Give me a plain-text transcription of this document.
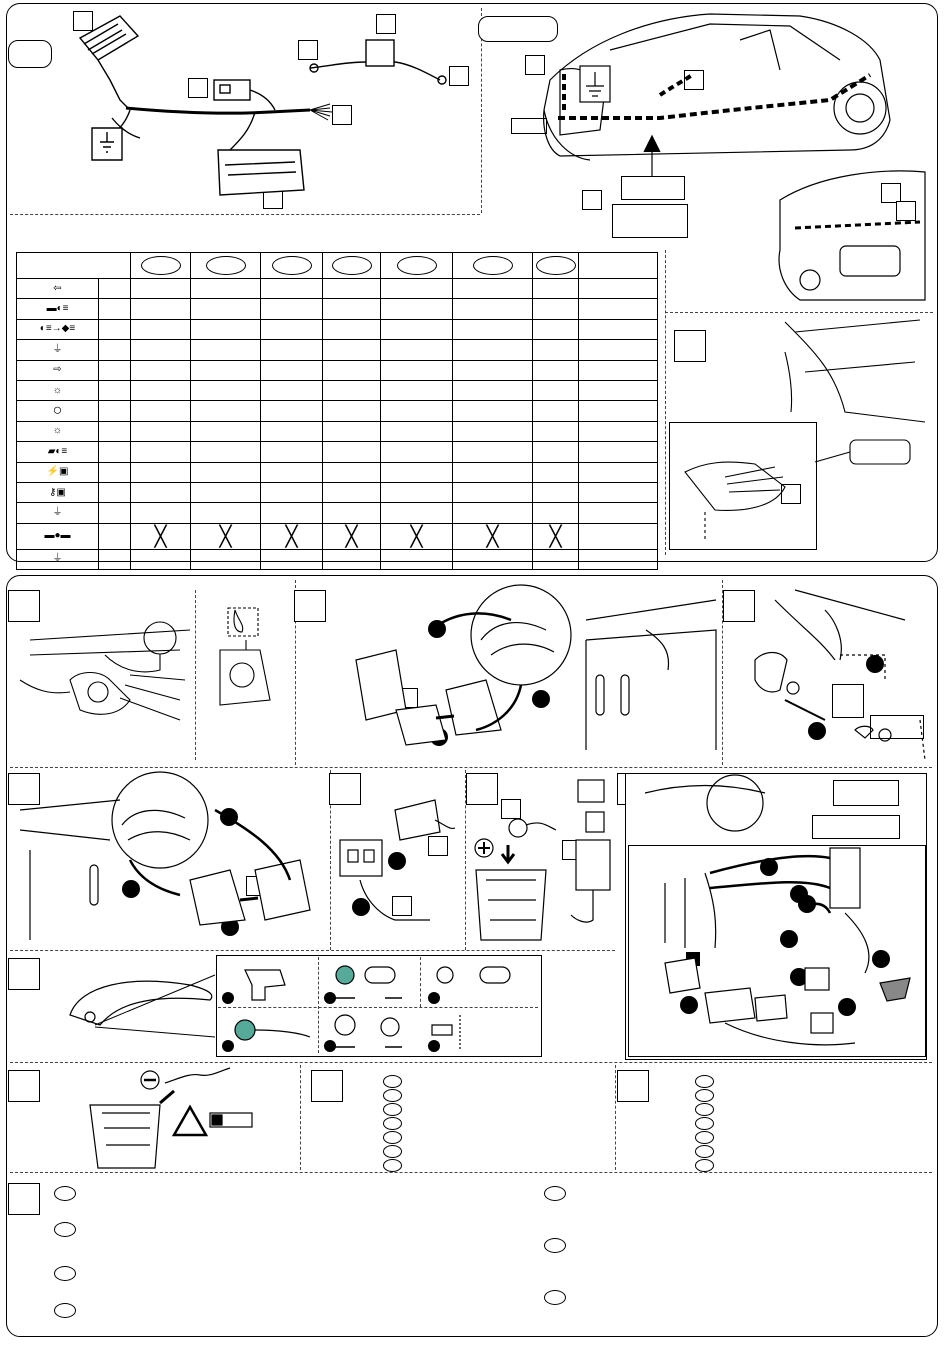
⇦									
▬◐≡									
◐≡→◆≡									
⏚									
⇨									
☼									
○									
☼									
▰◐≡									
⚡▣									
⚷▣									
⏚									
▬●▬		╳	╳	╳	╳	╳	╳	╳	
⏚									
